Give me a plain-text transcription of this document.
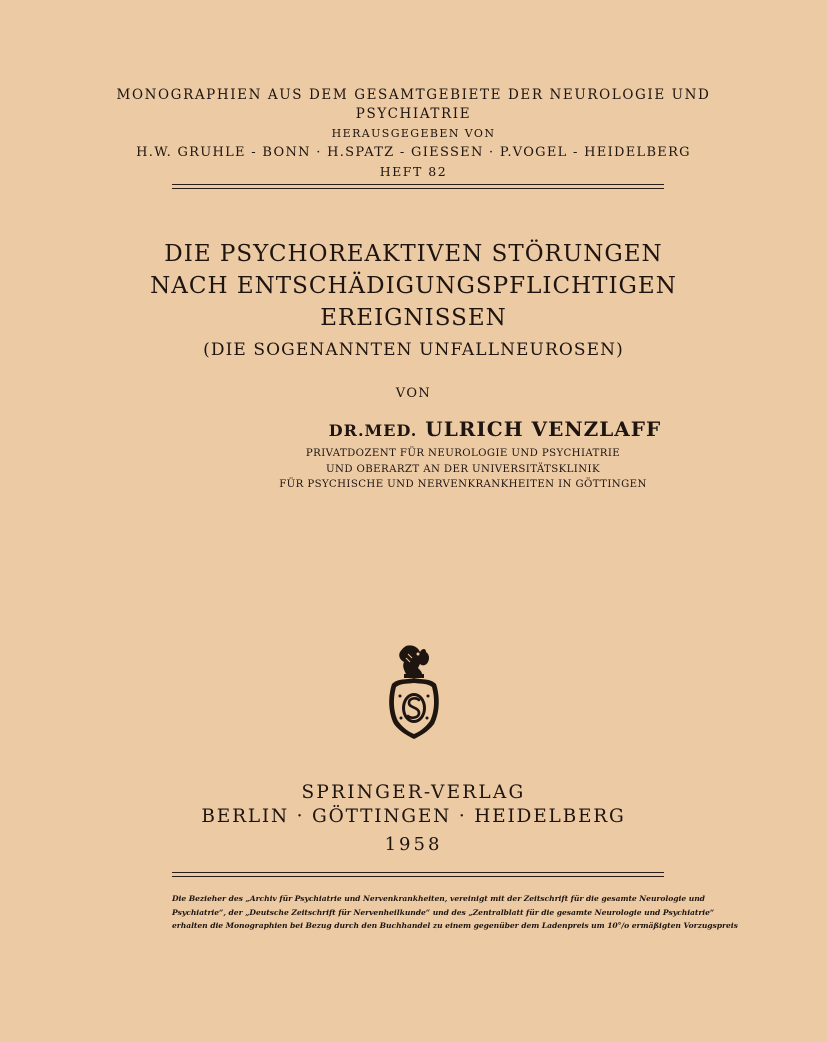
MONOGRAPHIEN AUS DEM GESAMTGEBIETE DER NEUROLOGIE UND
PSYCHIATRIE
HERAUSGEGEBEN VON
H.W. GRUHLE - BONN · H.SPATZ - GIESSEN · P.VOGEL - HEIDELBERG
HEFT 82
DIE PSYCHOREAKTIVEN STÖRUNGEN
NACH ENTSCHÄDIGUNGSPFLICHTIGEN
EREIGNISSEN
(DIE SOGENANNTEN UNFALLNEUROSEN)
VON
DR.MED. ULRICH VENZLAFF
PRIVATDOZENT FÜR NEUROLOGIE UND PSYCHIATRIE
UND OBERARZT AN DER UNIVERSITÄTSKLINIK
FÜR PSYCHISCHE UND NERVENKRANKHEITEN IN GÖTTINGEN
SPRINGER-VERLAG
BERLIN · GÖTTINGEN · HEIDELBERG
1958
Die Bezieher des „Archiv für Psychiatrie und Nervenkrankheiten, vereinigt mit der Zeitschrift für die gesamte Neurologie und
Psychiatrie“, der „Deutsche Zeitschrift für Nervenheilkunde“ und des „Zentralblatt für die gesamte Neurologie und Psychiatrie“
erhalten die Monographien bei Bezug durch den Buchhandel zu einem gegenüber dem Ladenpreis um 10°/o ermäßigten Vorzugspreis
